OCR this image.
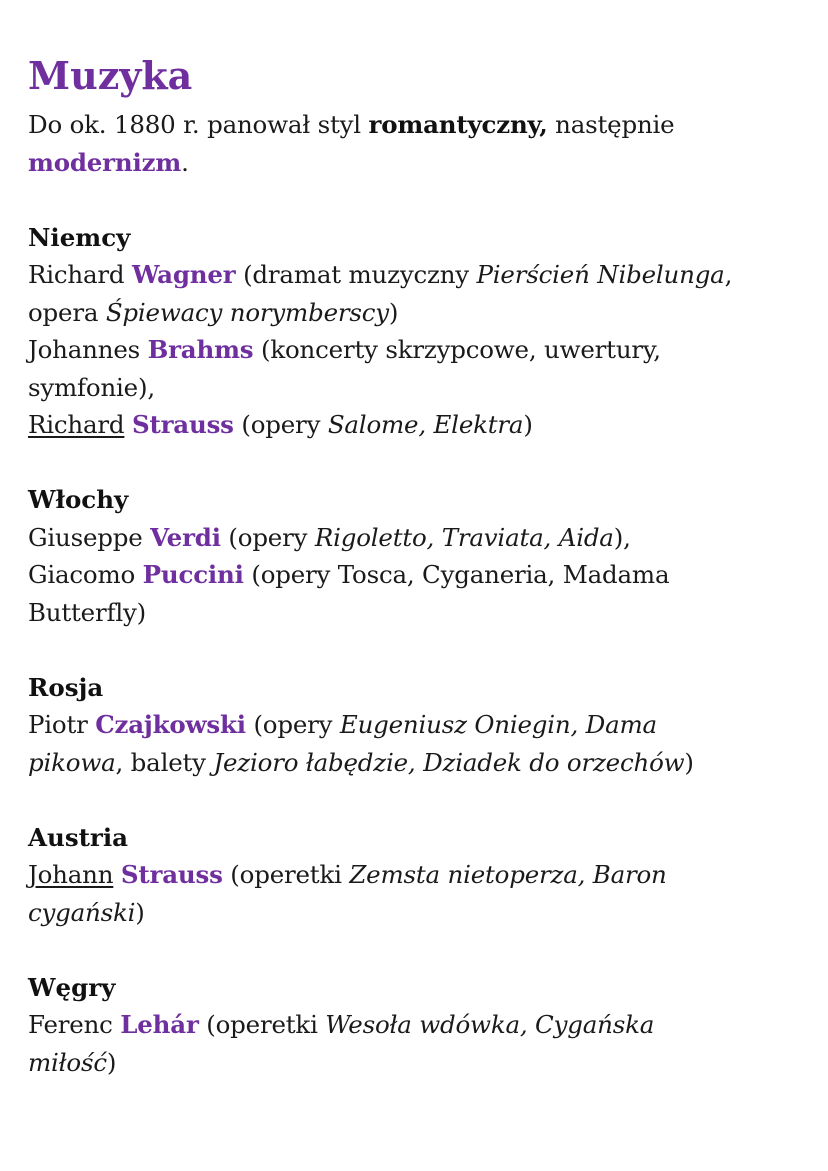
Muzyka
Do ok. 1880 r. panował styl romantyczny, następnie
modernizm.
Niemcy
Richard Wagner (dramat muzyczny Pierścień Nibelunga,
opera Śpiewacy norymberscy)
Johannes Brahms (koncerty skrzypcowe, uwertury,
symfonie),
Richard Strauss (opery Salome, Elektra)
Włochy
Giuseppe Verdi (opery Rigoletto, Traviata, Aida),
Giacomo Puccini (opery Tosca, Cyganeria, Madama
Butterfly)
Rosja
Piotr Czajkowski (opery Eugeniusz Oniegin, Dama
pikowa, balety Jezioro łabędzie, Dziadek do orzechów)
Austria
Johann Strauss (operetki Zemsta nietoperza, Baron
cygański)
Węgry
Ferenc Lehár (operetki Wesoła wdówka, Cygańska
miłość)
